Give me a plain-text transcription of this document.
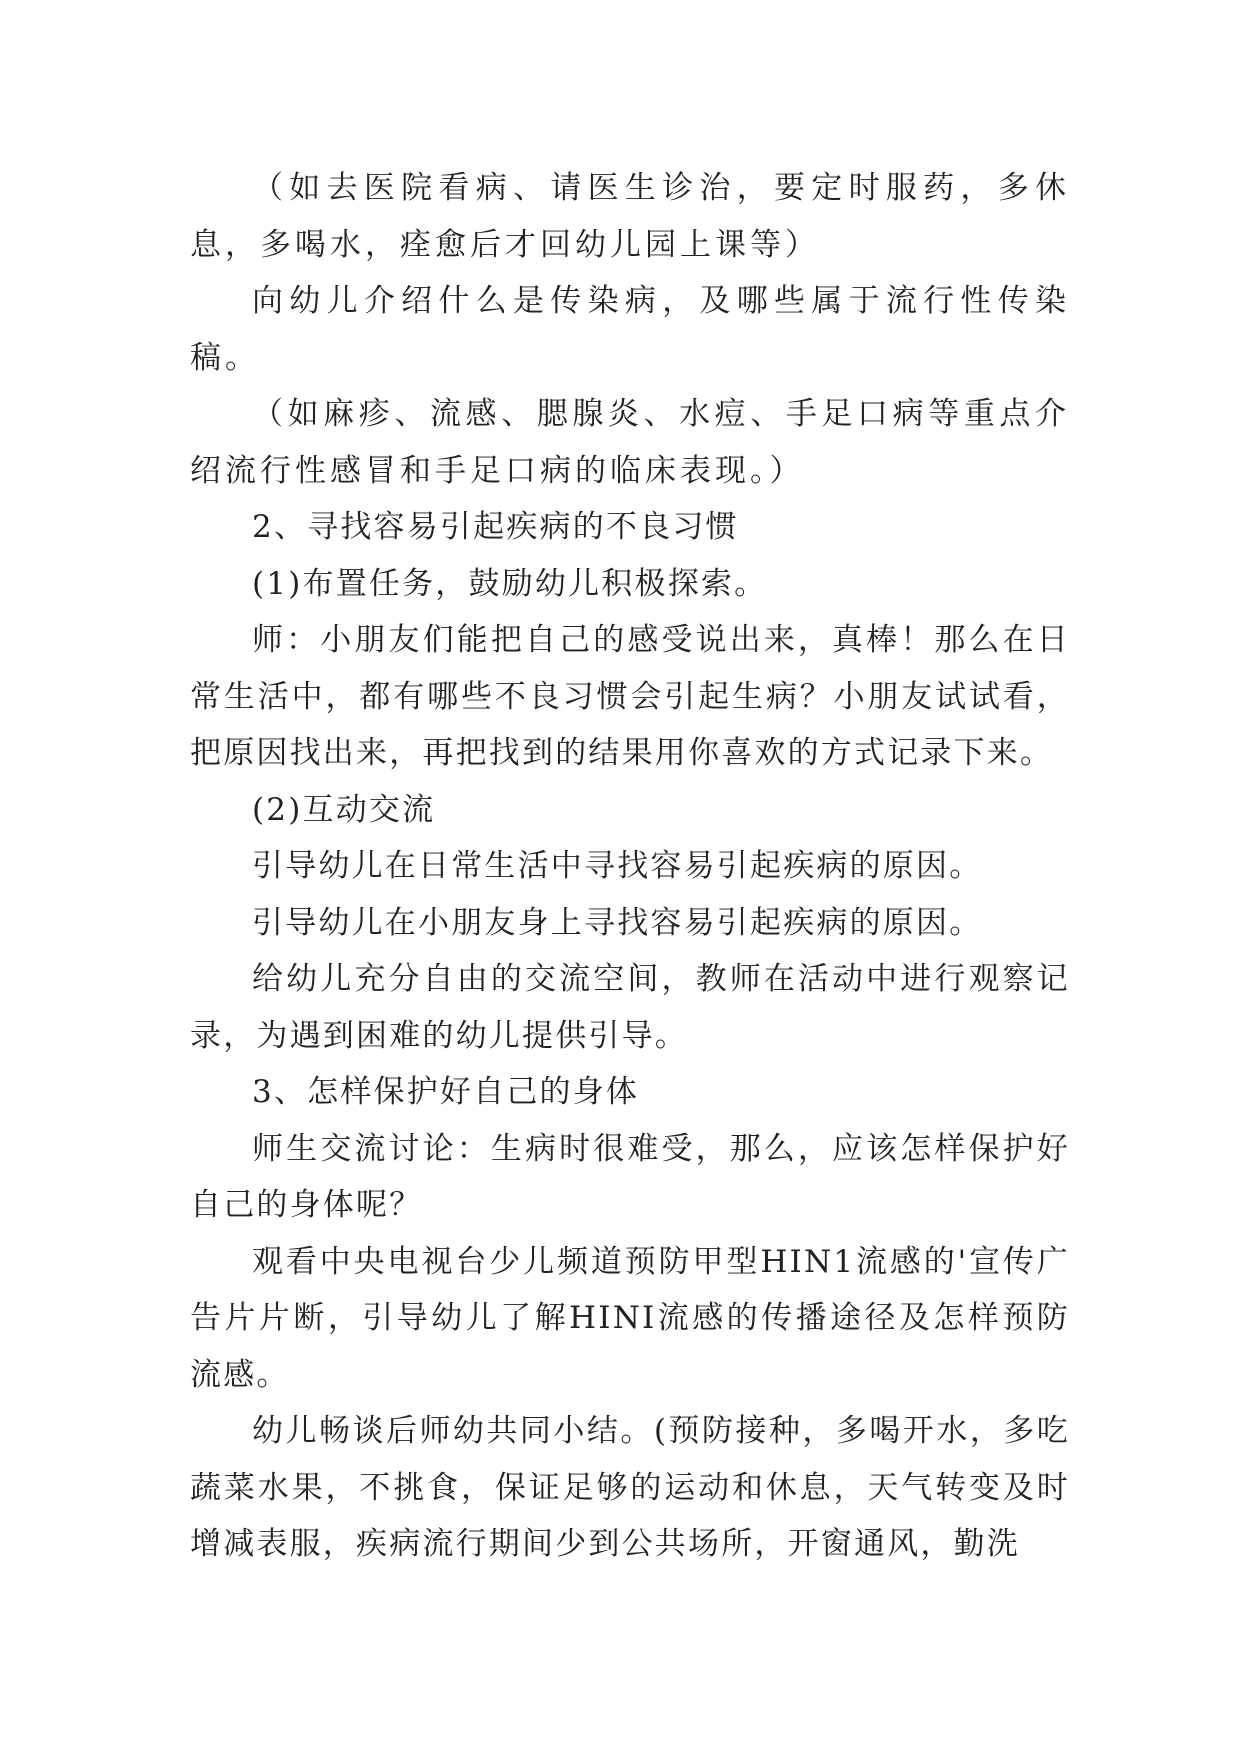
（如去医院看病、请医生诊治，要定时服药，多休息，多喝水，痊愈后才回幼儿园上课等）

向幼儿介绍什么是传染病，及哪些属于流行性传染稿。

（如麻疹、流感、腮腺炎、水痘、手足口病等重点介绍流行性感冒和手足口病的临床表现。）

2、寻找容易引起疾病的不良习惯

(1)布置任务，鼓励幼儿积极探索。

师：小朋友们能把自己的感受说出来，真棒！那么在日常生活中，都有哪些不良习惯会引起生病？小朋友试试看，把原因找出来，再把找到的结果用你喜欢的方式记录下来。

(2)互动交流

引导幼儿在日常生活中寻找容易引起疾病的原因。

引导幼儿在小朋友身上寻找容易引起疾病的原因。

给幼儿充分自由的交流空间，教师在活动中进行观察记录，为遇到困难的幼儿提供引导。

3、怎样保护好自己的身体

师生交流讨论：生病时很难受，那么，应该怎样保护好自己的身体呢？

观看中央电视台少儿频道预防甲型HIN1流感的'宣传广告片片断，引导幼儿了解HINI流感的传播途径及怎样预防流感。

幼儿畅谈后师幼共同小结。(预防接种，多喝开水，多吃蔬菜水果，不挑食，保证足够的运动和休息，天气转变及时增减表服，疾病流行期间少到公共场所，开窗通风，勤洗
